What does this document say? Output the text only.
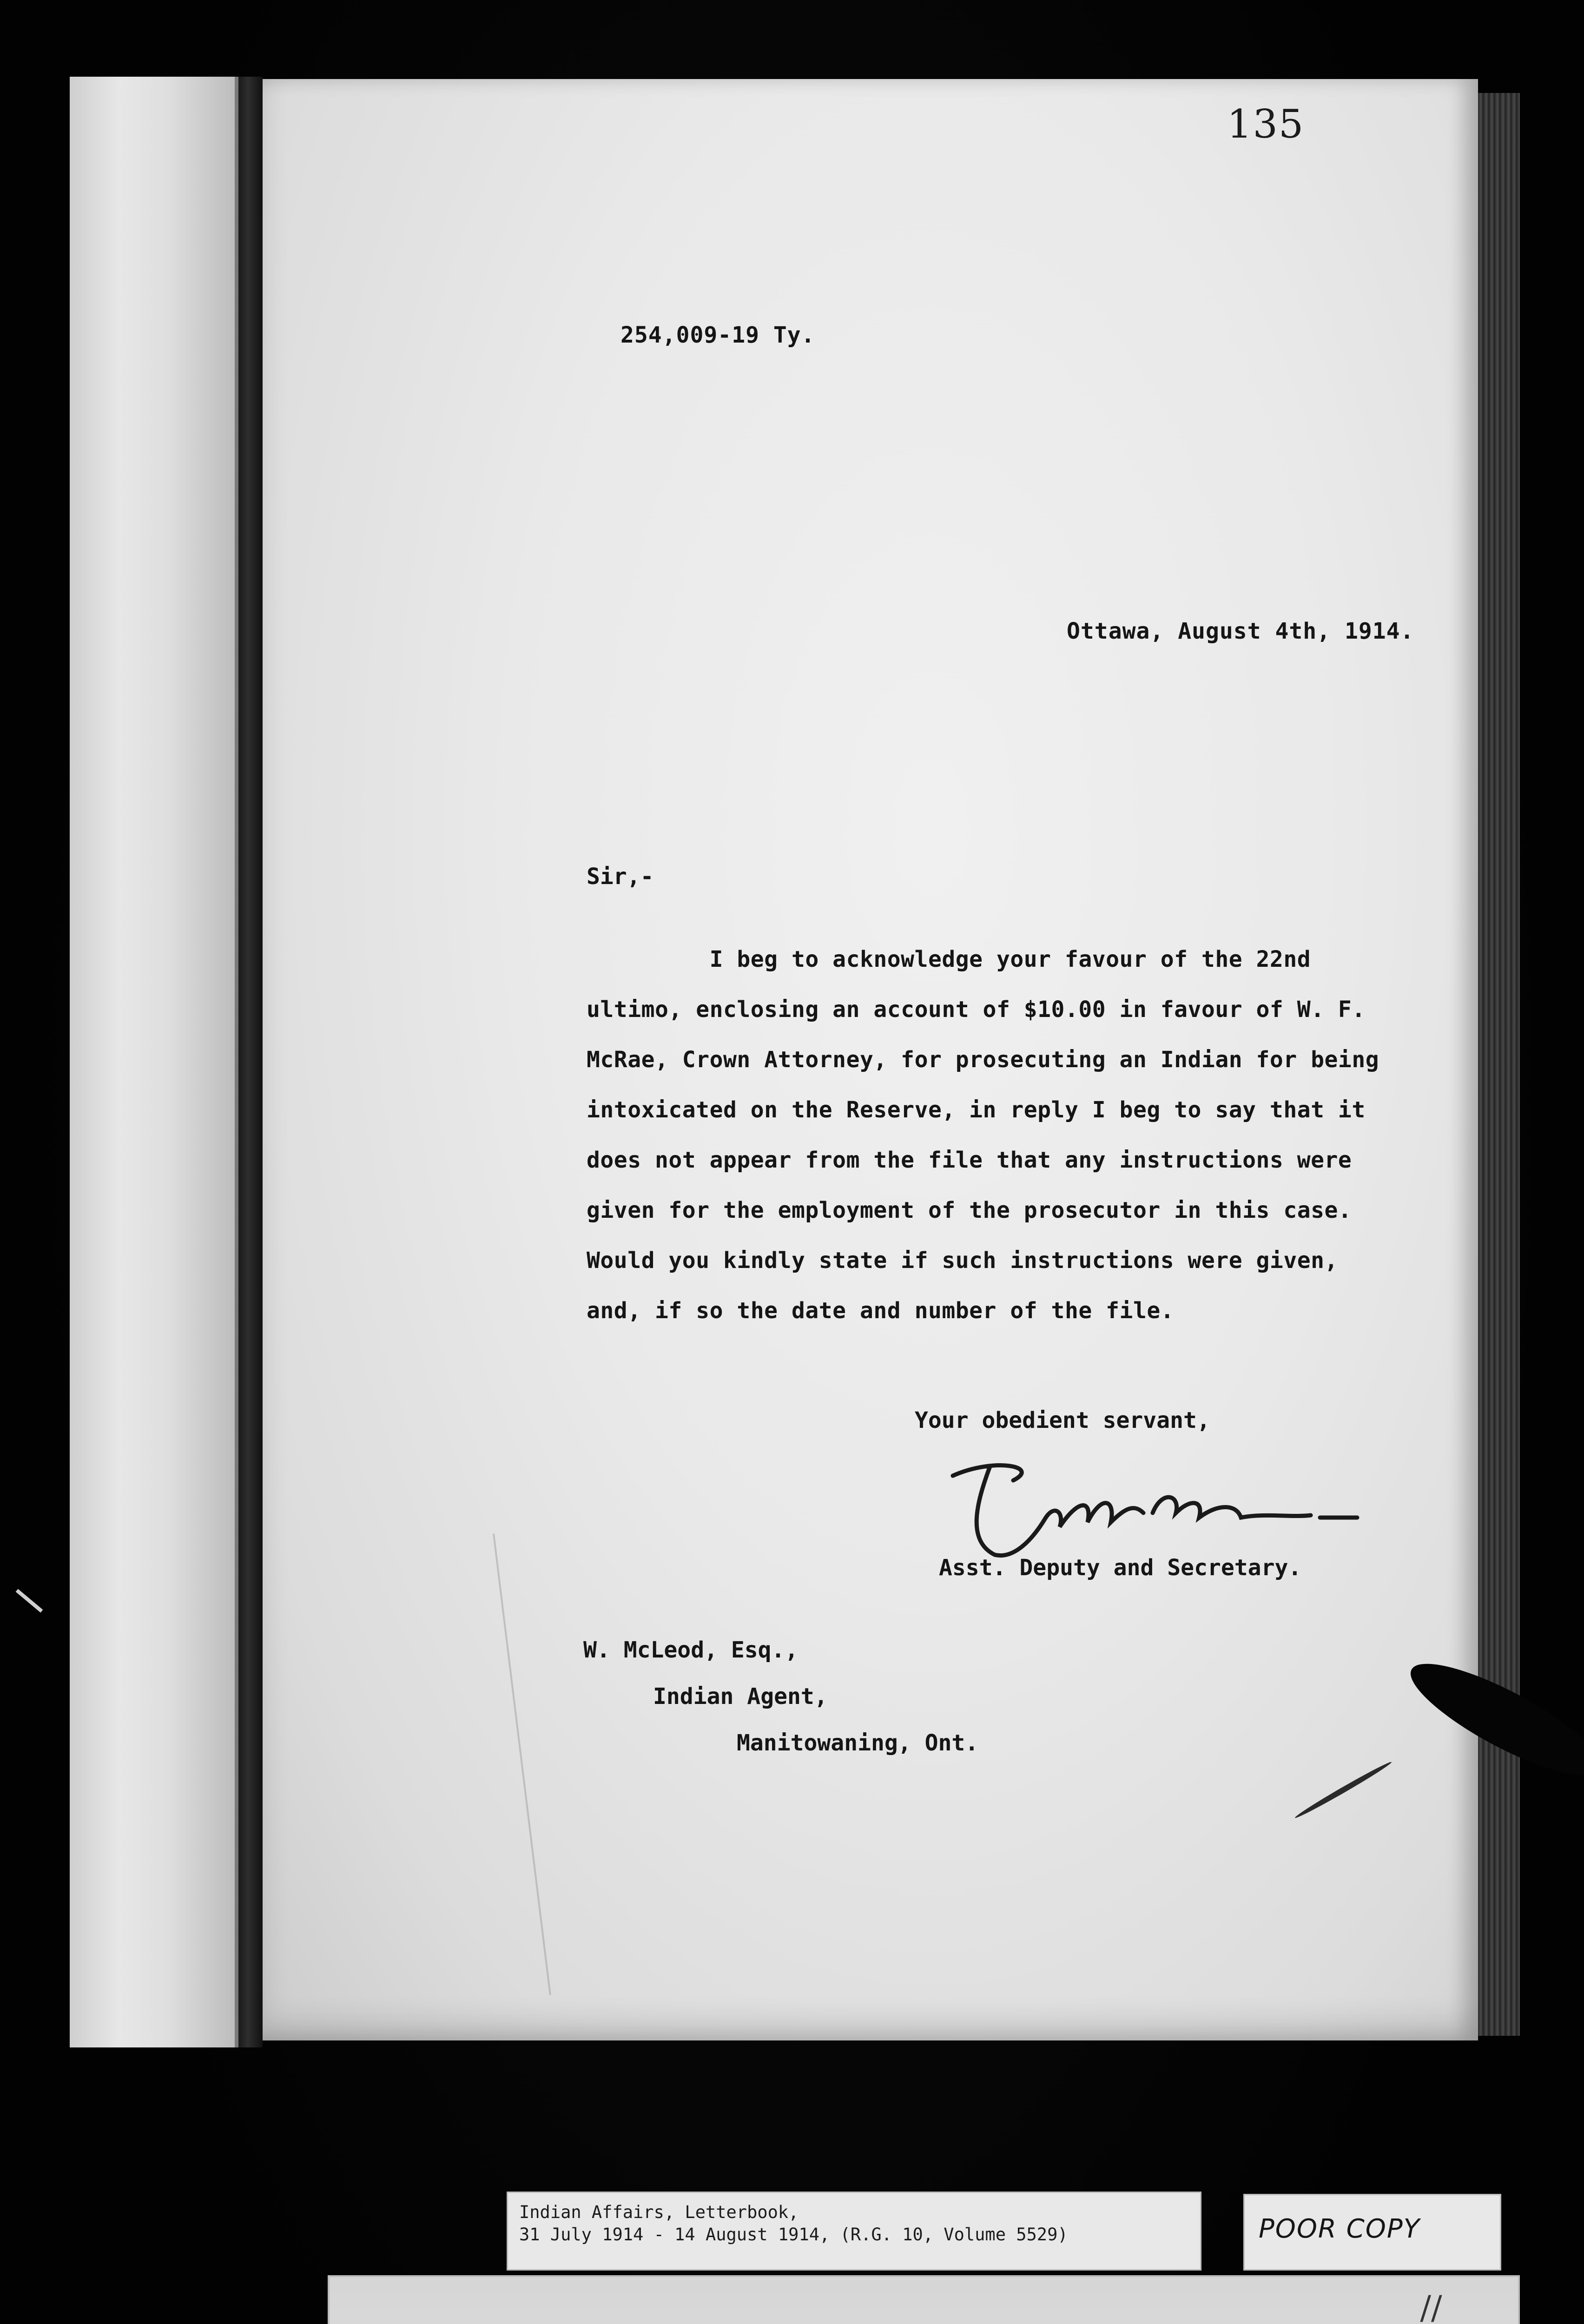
135
254,009-19 Ty.
Ottawa, August 4th, 1914.
Sir,-
I beg to acknowledge your favour of the 22nd
ultimo, enclosing an account of $10.00 in favour of W. F.
McRae, Crown Attorney, for prosecuting an Indian for being
intoxicated on the Reserve, in reply I beg to say that it
does not appear from the file that any instructions were
given for the employment of the prosecutor in this case.
Would you kindly state if such instructions were given,
and, if so the date and number of the file.
Your obedient servant,
Asst. Deputy and Secretary.
W. McLeod, Esq.,
Indian Agent,
Manitowaning, Ont.
Indian Affairs, Letterbook,
31 July 1914 - 14 August 1914, (R.G. 10, Volume 5529)	POOR COPY
//
